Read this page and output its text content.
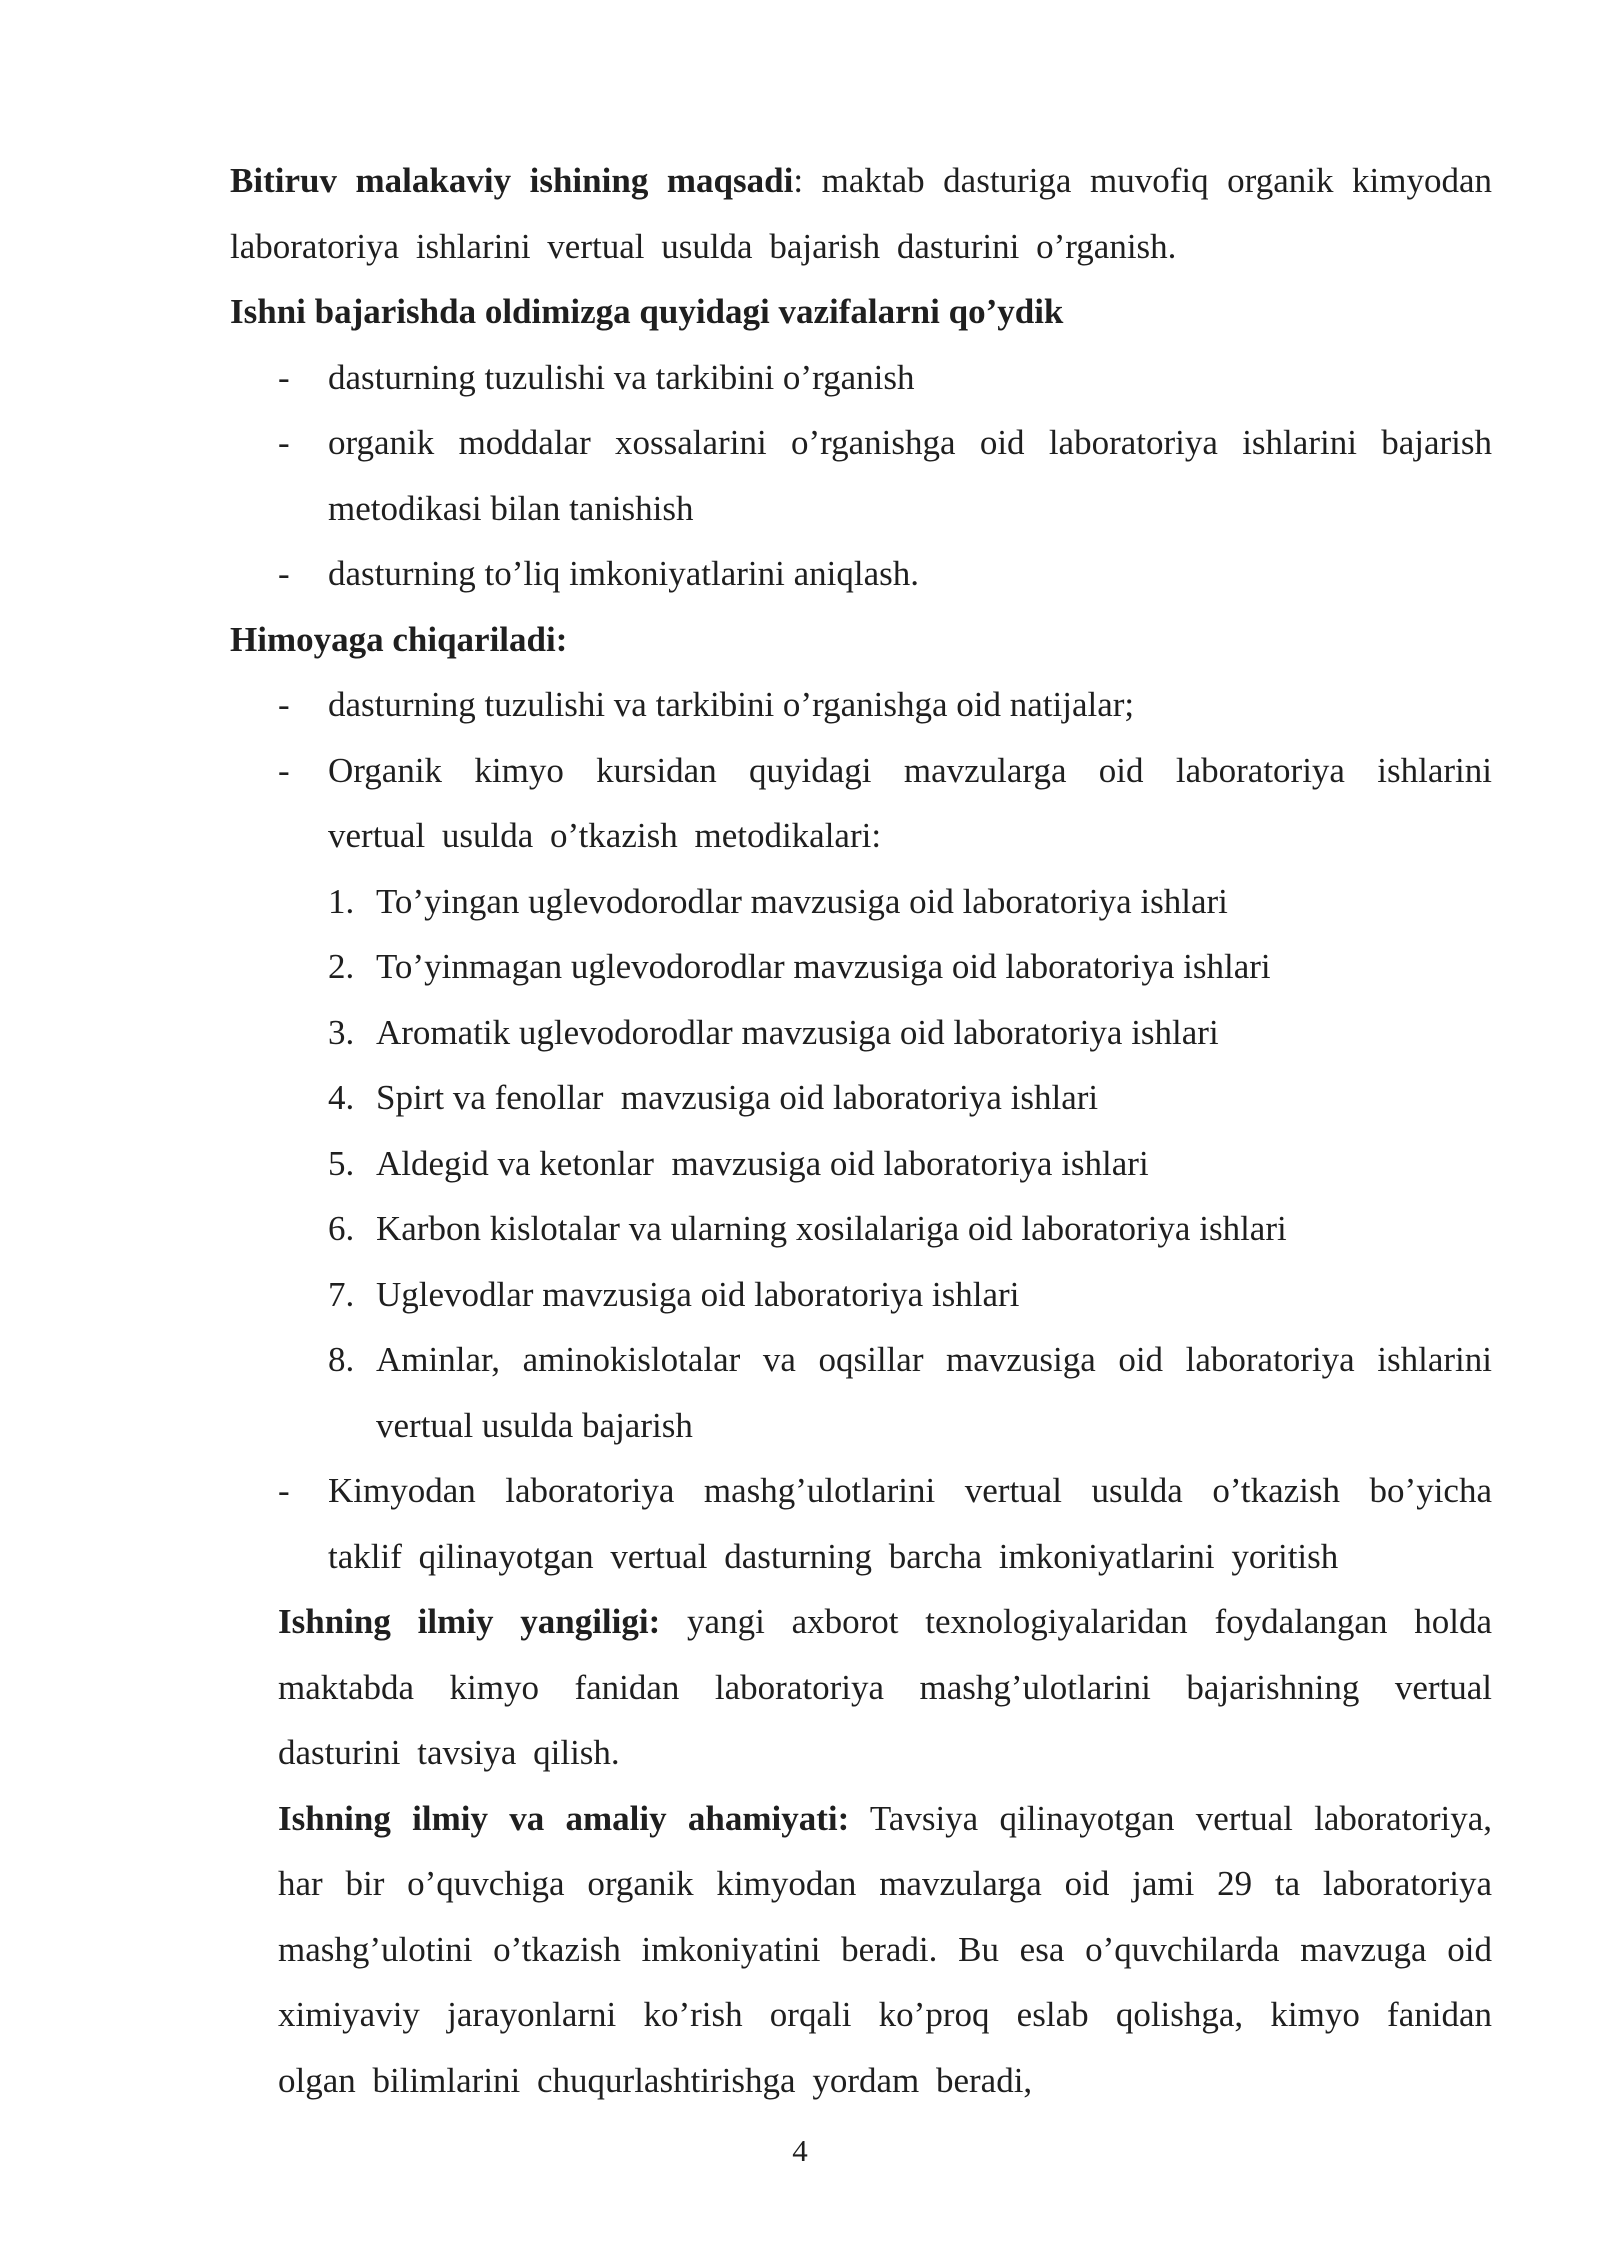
Bitiruv malakaviy ishining maqsadi: maktab dasturiga muvofiq organik kimyodan laboratoriya ishlarini vertual usulda bajarish dasturini o’rganish.
Ishni bajarishda oldimizga quyidagi vazifalarni qo’ydik
-	dasturning tuzulishi va tarkibini o’rganish
-	organik moddalar xossalarini o’rganishga oid laboratoriya ishlarini bajarish metodikasi bilan tanishish
-	dasturning to’liq imkoniyatlarini aniqlash.
Himoyaga chiqariladi:
-	dasturning tuzulishi va tarkibini o’rganishga oid natijalar;
-	Organik kimyo kursidan quyidagi mavzularga oid laboratoriya ishlarini vertual usulda o’tkazish metodikalari:
1. To’yingan uglevodorodlar mavzusiga oid laboratoriya ishlari
2. To’yinmagan uglevodorodlar mavzusiga oid laboratoriya ishlari
3. Aromatik uglevodorodlar mavzusiga oid laboratoriya ishlari
4. Spirt va fenollar  mavzusiga oid laboratoriya ishlari
5. Aldegid va ketonlar  mavzusiga oid laboratoriya ishlari
6. Karbon kislotalar va ularning xosilalariga oid laboratoriya ishlari
7. Uglevodlar mavzusiga oid laboratoriya ishlari
8. Aminlar, aminokislotalar va oqsillar mavzusiga oid laboratoriya ishlarini vertual usulda bajarish
-	Kimyodan laboratoriya mashg’ulotlarini vertual usulda o’tkazish bo’yicha taklif qilinayotgan vertual dasturning barcha imkoniyatlarini yoritish
Ishning ilmiy yangiligi: yangi axborot texnologiyalaridan foydalangan holda maktabda kimyo fanidan laboratoriya mashg’ulotlarini bajarishning vertual dasturini tavsiya qilish.
Ishning ilmiy va amaliy ahamiyati: Tavsiya qilinayotgan vertual laboratoriya, har bir o’quvchiga organik kimyodan mavzularga oid jami 29 ta laboratoriya mashg’ulotini o’tkazish imkoniyatini beradi. Bu esa o’quvchilarda mavzuga oid ximiyaviy jarayonlarni ko’rish orqali ko’proq eslab qolishga, kimyo fanidan olgan bilimlarini chuqurlashtirishga yordam beradi,
4
